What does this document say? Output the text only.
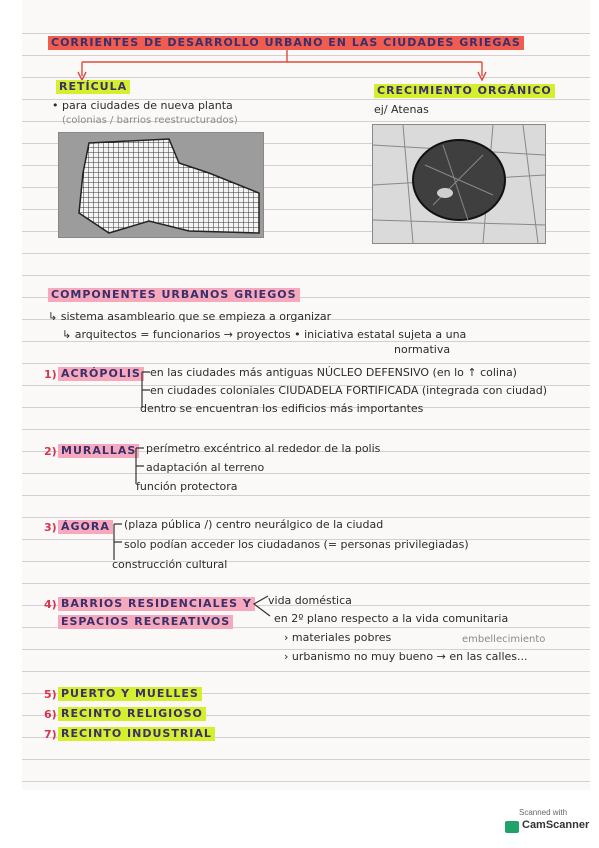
CORRIENTES DE DESARROLLO URBANO EN LAS CIUDADES GRIEGAS
RETÍCULA
• para ciudades de nueva planta
(colonias / barrios reestructurados)
CRECIMIENTO ORGÁNICO
ej/ Atenas
COMPONENTES URBANOS GRIEGOS
↳ sistema asambleario que se empieza a organizar
↳ arquitectos = funcionarios → proyectos • iniciativa estatal sujeta a una
normativa
1) ACRÓPOLIS en las ciudades más antiguas NÚCLEO DEFENSIVO (en lo ↑ colina)
en ciudades coloniales CIUDADELA FORTIFICADA (integrada con ciudad)
dentro se encuentran los edificios más importantes
2) MURALLAS perímetro excéntrico al rededor de la polis
adaptación al terreno
función protectora
3) ÁGORA (plaza pública /) centro neurálgico de la ciudad
solo podían acceder los ciudadanos (= personas privilegiadas)
construcción cultural
4) BARRIOS RESIDENCIALES Y
ESPACIOS RECREATIVOS
vida doméstica
en 2º plano respecto a la vida comunitaria
› materiales pobres	embellecimiento
› urbanismo no muy bueno → en las calles...
5) PUERTO Y MUELLES
6) RECINTO RELIGIOSO
7) RECINTO INDUSTRIAL
Scanned with
CamScanner
